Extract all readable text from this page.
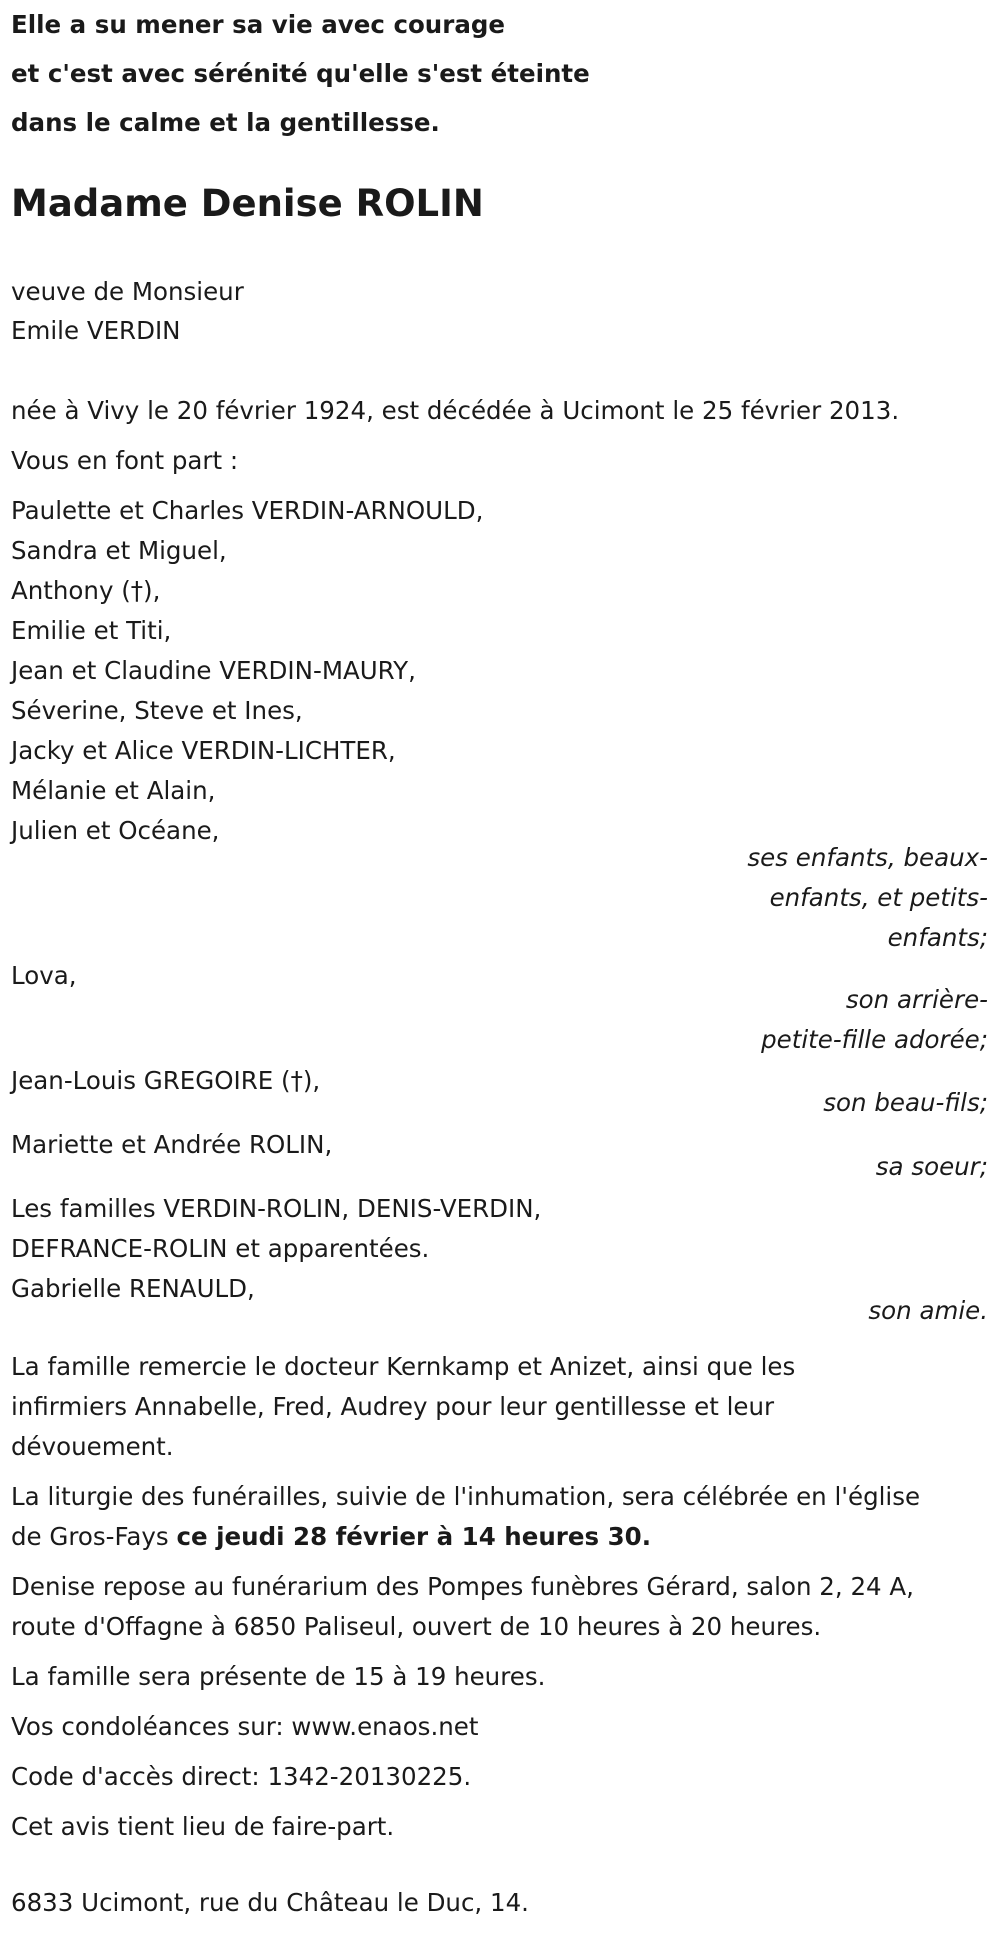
Elle a su mener sa vie avec courage
et c'est avec sérénité qu'elle s'est éteinte
dans le calme et la gentillesse.
Madame Denise ROLIN
veuve de Monsieur
Emile VERDIN
née à Vivy le 20 février 1924, est décédée à Ucimont le 25 février 2013.
Vous en font part :
Paulette et Charles VERDIN-ARNOULD,
Sandra et Miguel,
Anthony (†),
Emilie et Titi,
Jean et Claudine VERDIN-MAURY,
Séverine, Steve et Ines,
Jacky et Alice VERDIN-LICHTER,
Mélanie et Alain,
Julien et Océane,
ses enfants, beaux-
enfants, et petits-
enfants;
Lova,
son arrière-
petite-fille adorée;
Jean-Louis GREGOIRE (†),
son beau-fils;
Mariette et Andrée ROLIN,
sa soeur;
Les familles VERDIN-ROLIN, DENIS-VERDIN,
DEFRANCE-ROLIN et apparentées.
Gabrielle RENAULD,
son amie.
La famille remercie le docteur Kernkamp et Anizet, ainsi que les
infirmiers Annabelle, Fred, Audrey pour leur gentillesse et leur
dévouement.
La liturgie des funérailles, suivie de l'inhumation, sera célébrée en l'église
de Gros-Fays ce jeudi 28 février à 14 heures 30.
Denise repose au funérarium des Pompes funèbres Gérard, salon 2, 24 A,
route d'Offagne à 6850 Paliseul, ouvert de 10 heures à 20 heures.
La famille sera présente de 15 à 19 heures.
Vos condoléances sur: www.enaos.net
Code d'accès direct: 1342-20130225.
Cet avis tient lieu de faire-part.
6833 Ucimont, rue du Château le Duc, 14.
